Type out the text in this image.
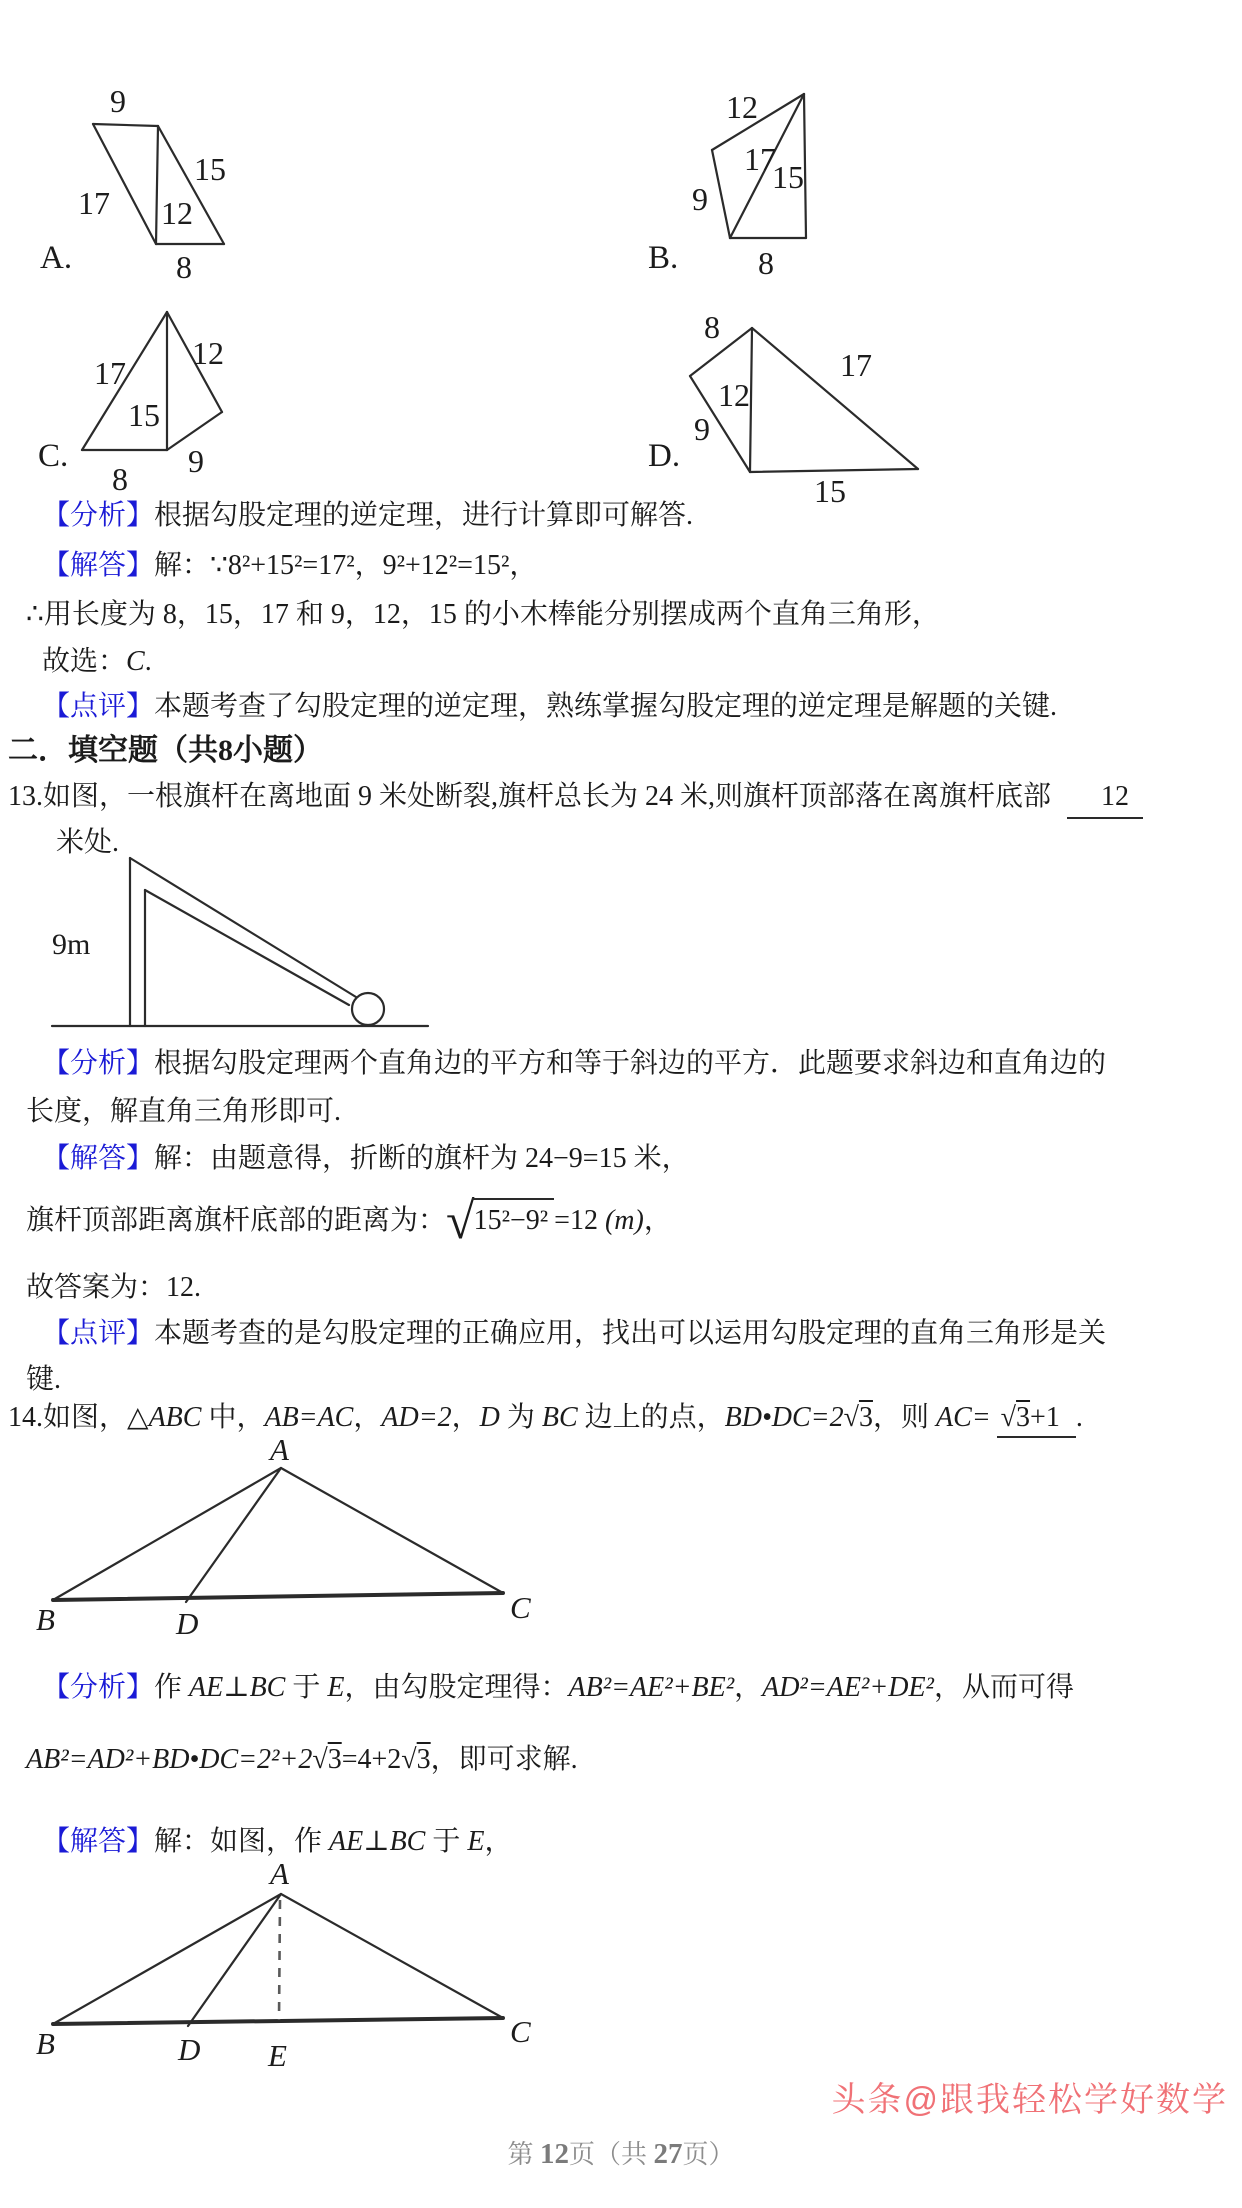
9
17 12
15
8
A.
12
17
15
9
8
B.
17
12
15
8 9
C.
8
12
17
9
15
D.
【分析】根据勾股定理的逆定理，进行计算即可解答.
【解答】解：∵8²+15²=17²，9²+12²=15²，
∴用长度为 8，15，17 和 9，12，15 的小木棒能分别摆成两个直角三角形，
故选：C.
【点评】本题考查了勾股定理的逆定理，熟练掌握勾股定理的逆定理是解题的关键.
二．填空题（共8小题）
13.如图，一根旗杆在离地面 9 米处断裂,旗杆总长为 24 米,则旗杆顶部落在离旗杆底部 12
米处.
9m
【分析】根据勾股定理两个直角边的平方和等于斜边的平方．此题要求斜边和直角边的
长度，解直角三角形即可.
【解答】解：由题意得，折断的旗杆为 24−9=15 米，
旗杆顶部距离旗杆底部的距离为：√15²−9² =12 (m)，
故答案为：12.
【点评】本题考查的是勾股定理的正确应用，找出可以运用勾股定理的直角三角形是关
键.
14.如图，△ABC 中，AB=AC，AD=2，D 为 BC 边上的点，BD•DC=2√3，则 AC= √3+1 .
A
B	C
D
【分析】作 AE⊥BC 于 E，由勾股定理得：AB²=AE²+BE²，AD²=AE²+DE²，从而可得
AB²=AD²+BD•DC=2²+2√3=4+2√3，即可求解.
【解答】解：如图，作 AE⊥BC 于 E，
A
B	C
D E
头条@跟我轻松学好数学
第 12页（共 27页）
